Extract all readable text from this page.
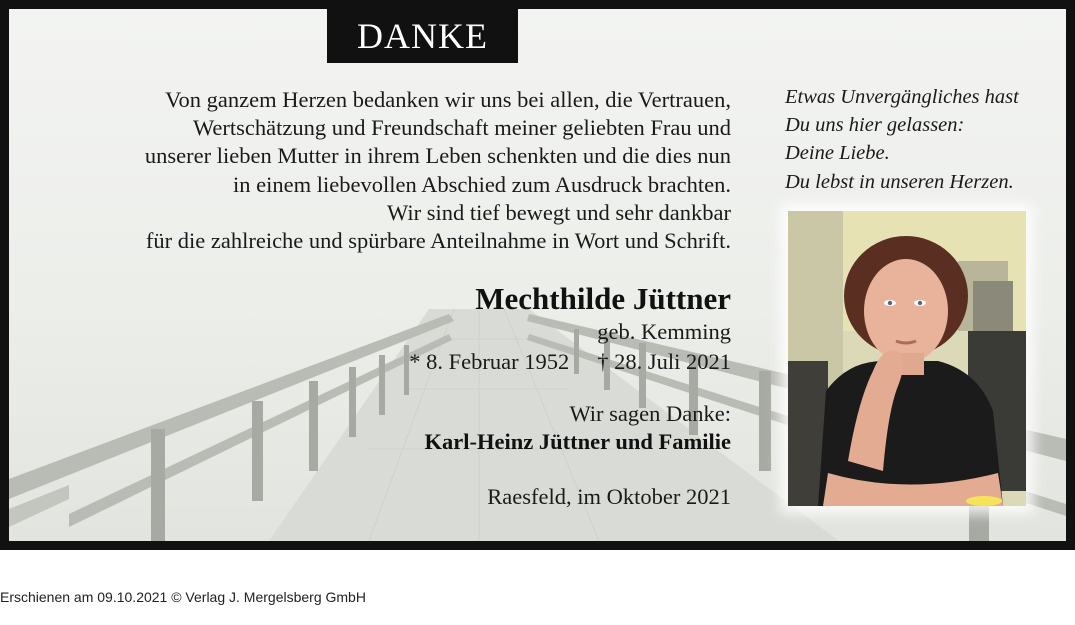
DANKE
Von ganzem Herzen bedanken wir uns bei allen, die Vertrauen,
Wertschätzung und Freundschaft meiner geliebten Frau und
unserer lieben Mutter in ihrem Leben schenkten und die dies nun
in einem liebevollen Abschied zum Ausdruck brachten.
Wir sind tief bewegt und sehr dankbar
für die zahlreiche und spürbare Anteilnahme in Wort und Schrift.
Mechthilde Jüttner
geb. Kemming
* 8. Februar 1952 † 28. Juli 2021
Wir sagen Danke:
Karl-Heinz Jüttner und Familie
Raesfeld, im Oktober 2021
Etwas Unvergängliches hast
Du uns hier gelassen:
Deine Liebe.
Du lebst in unseren Herzen.
Erschienen am 09.10.2021 © Verlag J. Mergelsberg GmbH
